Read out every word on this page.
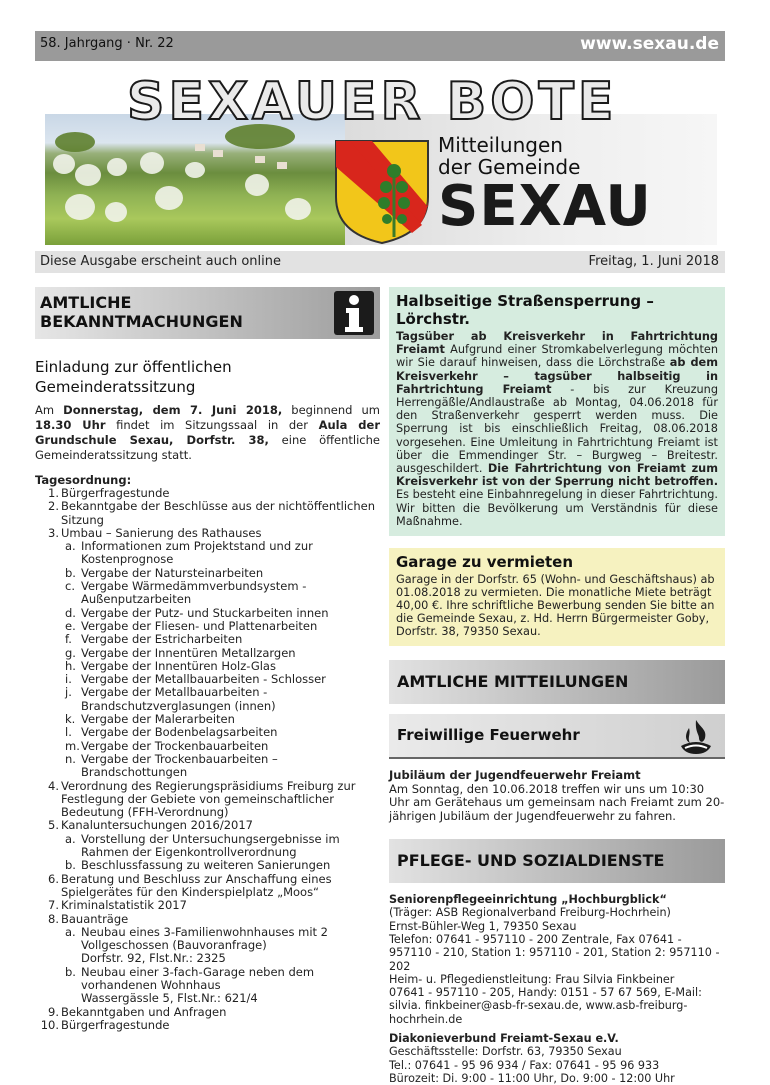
58. Jahrgang · Nr. 22	www.sexau.de
SEXAUER BOTE
Mitteilungen
der Gemeinde
SEXAU
Diese Ausgabe erscheint auch online	Freitag, 1. Juni 2018
AMTLICHE
BEKANNTMACHUNGEN
Einladung zur öffentlichen
Gemeinderatssitzung
Am Donnerstag, dem 7. Juni 2018, beginnend um 18.30 Uhr findet im Sitzungssaal in der Aula der Grundschule Sexau, Dorfstr. 38, eine öffentliche Gemeinderatssitzung statt.
Tagesordnung:
1. Bürgerfragestunde
2. Bekanntgabe der Beschlüsse aus der nichtöffentlichen Sitzung
3. Umbau – Sanierung des Rathauses
a. Informationen zum Projektstand und zur Kostenprognose
b. Vergabe der Natursteinarbeiten
c. Vergabe Wärmedämmverbundsystem - Außenputzarbeiten
d. Vergabe der Putz- und Stuckarbeiten innen
e. Vergabe der Fliesen- und Plattenarbeiten
f. Vergabe der Estricharbeiten
g. Vergabe der Innentüren Metallzargen
h. Vergabe der Innentüren Holz-Glas
i. Vergabe der Metallbauarbeiten - Schlosser
j. Vergabe der Metallbauarbeiten - Brandschutzverglasungen (innen)
k. Vergabe der Malerarbeiten
l. Vergabe der Bodenbelagsarbeiten
m. Vergabe der Trockenbauarbeiten
n. Vergabe der Trockenbauarbeiten – Brandschottungen
4. Verordnung des Regierungspräsidiums Freiburg zur Festlegung der Gebiete von gemeinschaftlicher Bedeutung (FFH-Verordnung)
5. Kanaluntersuchungen 2016/2017
a. Vorstellung der Untersuchungsergebnisse im Rahmen der Eigenkontrollverordnung
b. Beschlussfassung zu weiteren Sanierungen
6. Beratung und Beschluss zur Anschaffung eines Spielgerätes für den Kinderspielplatz „Moos“
7. Kriminalstatistik 2017
8. Bauanträge
a. Neubau eines 3-Familienwohnhauses mit 2 Vollgeschossen (Bauvoranfrage)
Dorfstr. 92, Flst.Nr.: 2325
b. Neubau einer 3-fach-Garage neben dem vorhandenen Wohnhaus
Wassergässle 5, Flst.Nr.: 621/4
9. Bekanntgaben und Anfragen
10. Bürgerfragestunde
Halbseitige Straßensperrung – Lörchstr.
Tagsüber ab Kreisverkehr in Fahrtrichtung Freiamt Aufgrund einer Stromkabelverlegung möchten wir Sie darauf hinweisen, dass die Lörchstraße ab dem Kreisverkehr – tagsüber halbseitig in Fahrtrichtung Freiamt - bis zur Kreuzung Herrengäßle/Andlaustraße ab Montag, 04.06.2018 für den Straßenverkehr gesperrt werden muss. Die Sperrung ist bis einschließlich Freitag, 08.06.2018 vorgesehen. Eine Umleitung in Fahrtrichtung Freiamt ist über die Emmendinger Str. – Burgweg – Breitestr. ausgeschildert. Die Fahrtrichtung von Freiamt zum Kreisverkehr ist von der Sperrung nicht betroffen. Es besteht eine Einbahnregelung in dieser Fahrtrichtung. Wir bitten die Bevölkerung um Verständnis für diese Maßnahme.
Garage zu vermieten
Garage in der Dorfstr. 65 (Wohn- und Geschäftshaus) ab 01.08.2018 zu vermieten. Die monatliche Miete beträgt 40,00 €. Ihre schriftliche Bewerbung senden Sie bitte an die Gemeinde Sexau, z. Hd. Herrn Bürgermeister Goby, Dorfstr. 38, 79350 Sexau.
AMTLICHE MITTEILUNGEN
Freiwillige Feuerwehr
Jubiläum der Jugendfeuerwehr Freiamt
Am Sonntag, den 10.06.2018 treffen wir uns um 10:30 Uhr am Gerätehaus um gemeinsam nach Freiamt zum 20-jährigen Jubiläum der Jugendfeuerwehr zu fahren.
PFLEGE- UND SOZIALDIENSTE
Seniorenpflegeeinrichtung „Hochburgblick“
(Träger: ASB Regionalverband Freiburg-Hochrhein)
Ernst-Bühler-Weg 1, 79350 Sexau
Telefon: 07641 - 957110 - 200 Zentrale, Fax 07641 - 957110 - 210, Station 1: 957110 - 201, Station 2: 957110 - 202
Heim- u. Pflegedienstleitung: Frau Silvia Finkbeiner
07641 - 957110 - 205, Handy: 0151 - 57 67 569, E-Mail: silvia. finkbeiner@asb-fr-sexau.de, www.asb-freiburg-hochrhein.de
Diakonieverbund Freiamt-Sexau e.V.
Geschäftsstelle: Dorfstr. 63, 79350 Sexau
Tel.: 07641 - 95 96 934 / Fax: 07641 - 95 96 933
Bürozeit: Di. 9:00 - 11:00 Uhr, Do. 9:00 - 12:00 Uhr
